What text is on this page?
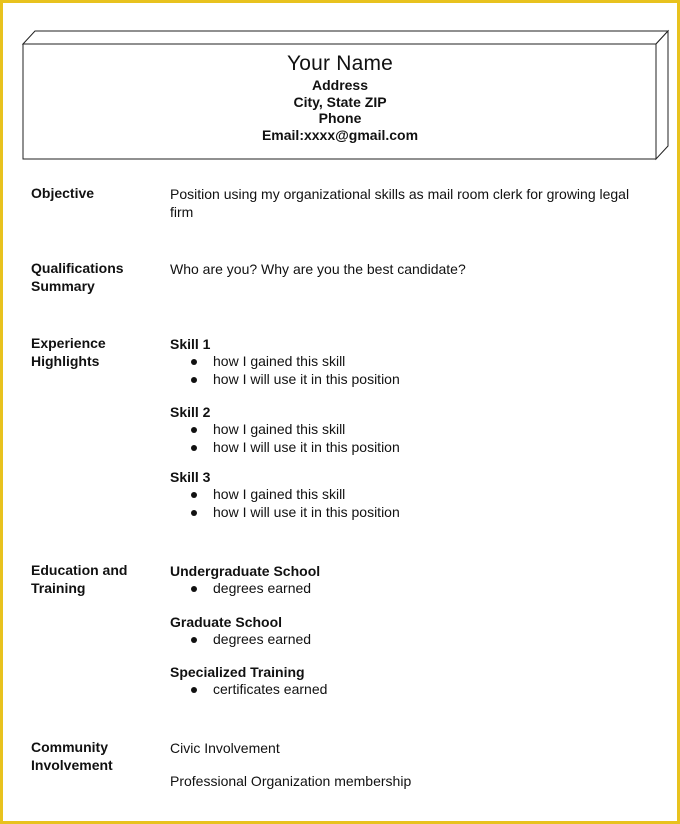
Your Name
Address
City, State ZIP
Phone
Email:xxxx@gmail.com
Objective	Position using my organizational skills as mail room clerk for growing legal firm
Qualifications
Summary
Who are you? Why are you the best candidate?
Experience
Highlights
Skill 1
how I gained this skill
how I will use it in this position
Skill 2
how I gained this skill
how I will use it in this position
Skill 3
how I gained this skill
how I will use it in this position
Education and
Training
Undergraduate School
degrees earned
Graduate School
degrees earned
Specialized Training
certificates earned
Community
Involvement
Civic Involvement
Professional Organization membership
